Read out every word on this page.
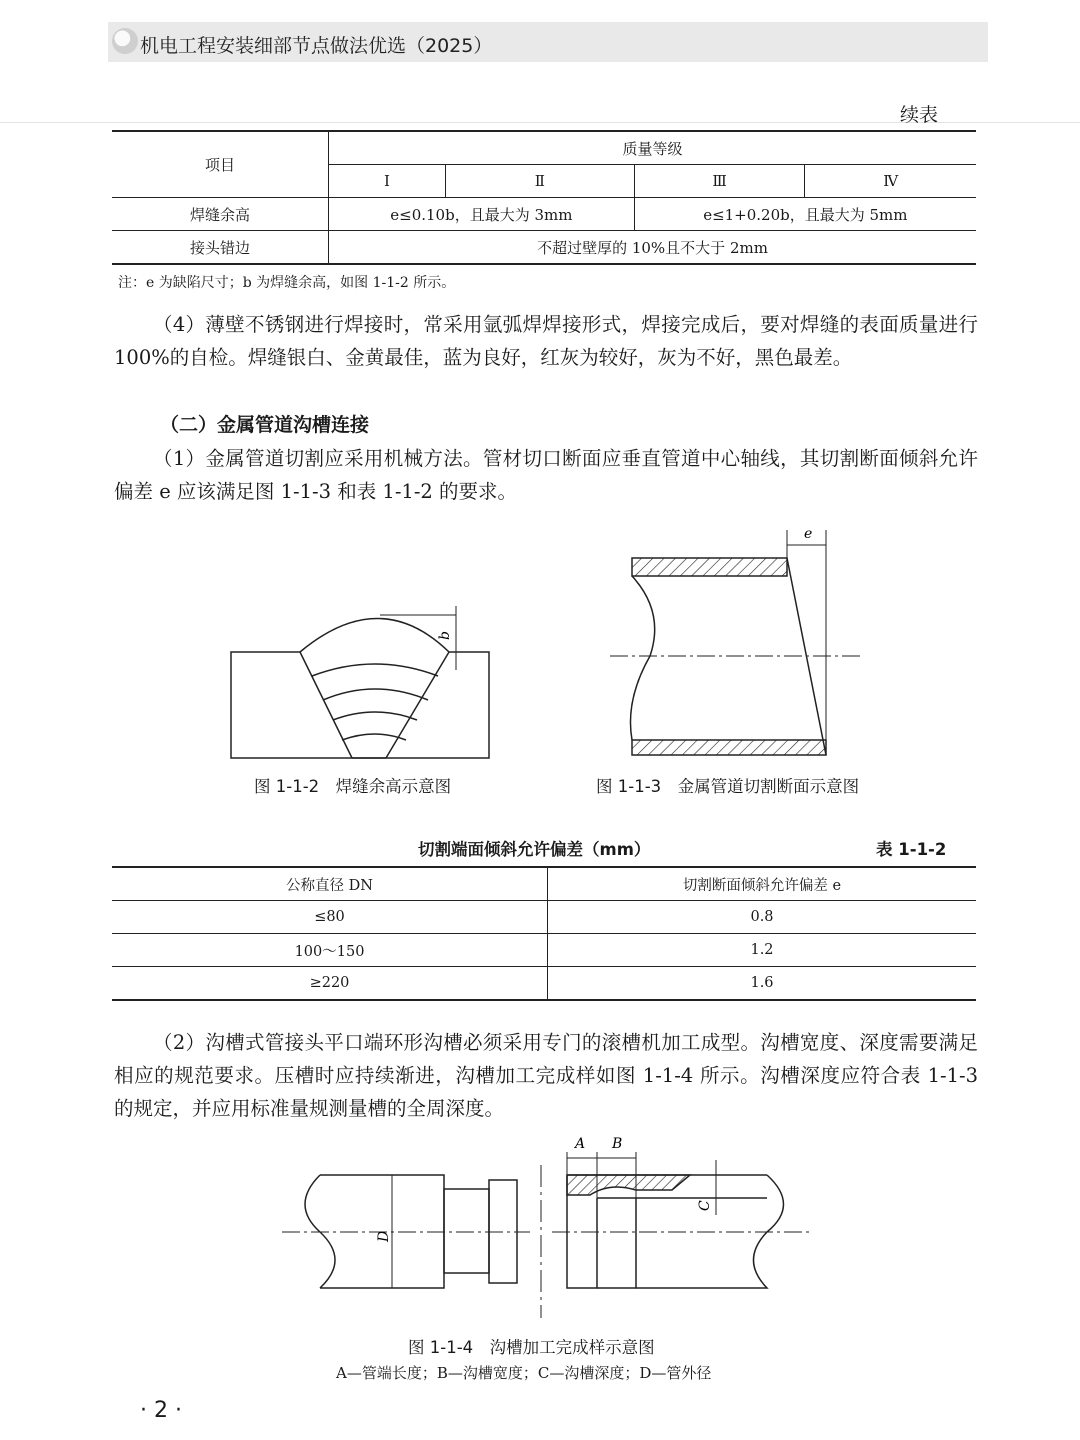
机电工程安装细部节点做法优选（2025）
续表
项目	质量等级			
	Ⅰ	Ⅱ	Ⅲ	Ⅳ
焊缝余高	e≤0.10b，且最大为 3mm		e≤1+0.20b，且最大为 5mm	
接头错边	不超过壁厚的 10%且不大于 2mm			
注：e 为缺陷尺寸；b 为焊缝余高，如图 1-1-2 所示。
（4）薄壁不锈钢进行焊接时，常采用氩弧焊焊接形式，焊接完成后，要对焊缝的表面质量进行 100%的自检。焊缝银白、金黄最佳，蓝为良好，红灰为较好，灰为不好，黑色最差。
（二）金属管道沟槽连接
（1）金属管道切割应采用机械方法。管材切口断面应垂直管道中心轴线，其切割断面倾斜允许偏差 e 应该满足图 1-1-3 和表 1-1-2 的要求。
b
图 1-1-2　焊缝余高示意图
e
图 1-1-3　金属管道切割断面示意图
切割端面倾斜允许偏差（mm）	表 1-1-2
公称直径 DN	切割断面倾斜允许偏差 e
≤80	0.8
100～150	1.2
≥220	1.6
（2）沟槽式管接头平口端环形沟槽必须采用专门的滚槽机加工成型。沟槽宽度、深度需要满足相应的规范要求。压槽时应持续渐进，沟槽加工完成样如图 1-1-4 所示。沟槽深度应符合表 1-1-3 的规定，并应用标准量规测量槽的全周深度。
D
A B
C
图 1-1-4　沟槽加工完成样示意图
A—管端长度；B—沟槽宽度；C—沟槽深度；D—管外径
· 2 ·
